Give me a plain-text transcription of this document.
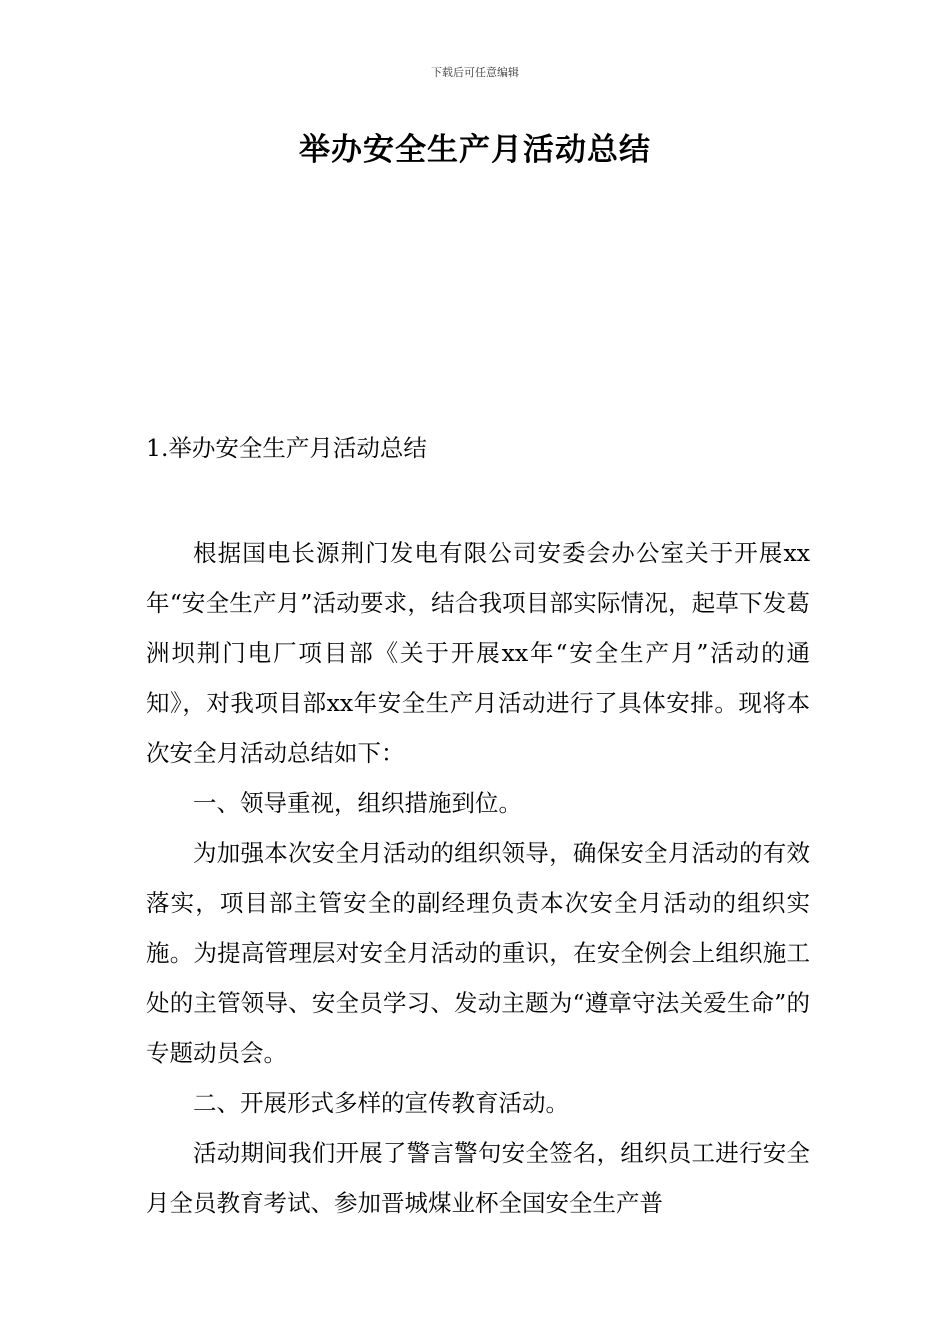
下载后可任意编辑
举办安全生产月活动总结
1.举办安全生产月活动总结

根据国电长源荆门发电有限公司安委会办公室关于开展xx年“安全生产月”活动要求，结合我项目部实际情况，起草下发葛洲坝荆门电厂项目部《关于开展xx年“安全生产月”活动的通知》，对我项目部xx年安全生产月活动进行了具体安排。现将本次安全月活动总结如下：

一、领导重视，组织措施到位。

为加强本次安全月活动的组织领导，确保安全月活动的有效落实，项目部主管安全的副经理负责本次安全月活动的组织实施。为提高管理层对安全月活动的重识，在安全例会上组织施工处的主管领导、安全员学习、发动主题为“遵章守法关爱生命”的专题动员会。

二、开展形式多样的宣传教育活动。

活动期间我们开展了警言警句安全签名，组织员工进行安全月全员教育考试、参加晋城煤业杯全国安全生产普
